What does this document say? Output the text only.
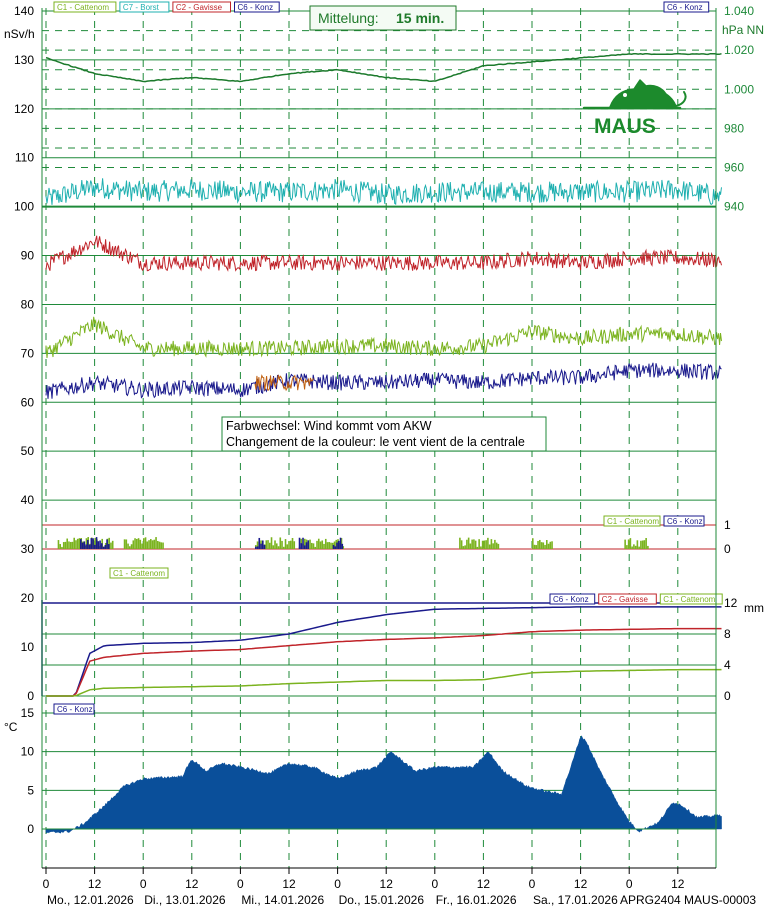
30
40
50
60
70
80
90
100
110
120
130
140
nSv/h
940
960
980
1.000
1.020
1.040
hPa NN
C1 - Cattenom C7 - Borst C2 - Gavisse C6 - Konz	C6 - Konz
1
0
C1 - Cattenom C6 - Konz
0
4
8
12 mm
0
10
20	C6 - Konz C2 - Gavisse C1 - Cattenom
C1 - Cattenom
0
5
10
15
°C
C6 - Konz
Mittelung: 15 min.
MAUS
Farbwechsel: Wind kommt vom AKW
Changement de la couleur: le vent vient de la centrale
0	12	0	12	0	12	0	12	0	12	0	12	0	12
Mo., 12.01.2026 Di., 13.01.2026 Mi., 14.01.2026 Do., 15.01.2026 Fr., 16.01.2026 Sa., 17.01.2026 APRG2404 MAUS-00003
